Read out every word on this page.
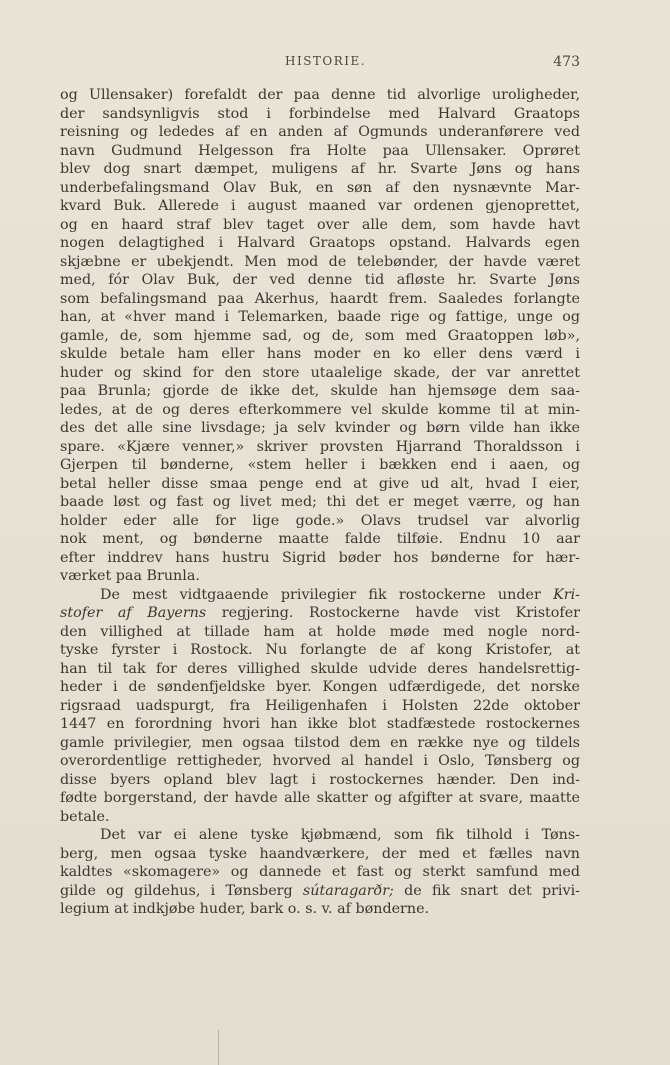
HISTORIE.	473
og Ullensaker) forefaldt der paa denne tid alvorlige uroligheder,
der sandsynligvis stod i forbindelse med Halvard Graatops
reisning og lededes af en anden af Ogmunds underanførere ved
navn Gudmund Helgesson fra Holte paa Ullensaker. Oprøret
blev dog snart dæmpet, muligens af hr. Svarte Jøns og hans
underbefalingsmand Olav Buk, en søn af den nysnævnte Mar-
kvard Buk. Allerede i august maaned var ordenen gjenoprettet,
og en haard straf blev taget over alle dem, som havde havt
nogen delagtighed i Halvard Graatops opstand. Halvards egen
skjæbne er ubekjendt. Men mod de telebønder, der havde været
med, fór Olav Buk, der ved denne tid afløste hr. Svarte Jøns
som befalingsmand paa Akerhus, haardt frem. Saaledes forlangte
han, at «hver mand i Telemarken, baade rige og fattige, unge og
gamle, de, som hjemme sad, og de, som med Graatoppen løb»,
skulde betale ham eller hans moder en ko eller dens værd i
huder og skind for den store utaalelige skade, der var anrettet
paa Brunla; gjorde de ikke det, skulde han hjemsøge dem saa-
ledes, at de og deres efterkommere vel skulde komme til at min-
des det alle sine livsdage; ja selv kvinder og børn vilde han ikke
spare. «Kjære venner,» skriver provsten Hjarrand Thoraldsson i
Gjerpen til bønderne, «stem heller i bækken end i aaen, og
betal heller disse smaa penge end at give ud alt, hvad I eier,
baade løst og fast og livet med; thi det er meget værre, og han
holder eder alle for lige gode.» Olavs trudsel var alvorlig
nok ment, og bønderne maatte falde tilføie. Endnu 10 aar
efter inddrev hans hustru Sigrid bøder hos bønderne for hær-
værket paa Brunla.
De mest vidtgaaende privilegier fik rostockerne under Kri-
stofer af Bayerns regjering. Rostockerne havde vist Kristofer
den villighed at tillade ham at holde møde med nogle nord-
tyske fyrster i Rostock. Nu forlangte de af kong Kristofer, at
han til tak for deres villighed skulde udvide deres handelsrettig-
heder i de søndenfjeldske byer. Kongen udfærdigede, det norske
rigsraad uadspurgt, fra Heiligenhafen i Holsten 22de oktober
1447 en forordning hvori han ikke blot stadfæstede rostockernes
gamle privilegier, men ogsaa tilstod dem en række nye og tildels
overordentlige rettigheder, hvorved al handel i Oslo, Tønsberg og
disse byers opland blev lagt i rostockernes hænder. Den ind-
fødte borgerstand, der havde alle skatter og afgifter at svare, maatte
betale.
Det var ei alene tyske kjøbmænd, som fik tilhold i Tøns-
berg, men ogsaa tyske haandværkere, der med et fælles navn
kaldtes «skomagere» og dannede et fast og sterkt samfund med
gilde og gildehus, i Tønsberg sútaragarðr; de fik snart det privi-
legium at indkjøbe huder, bark o. s. v. af bønderne.
